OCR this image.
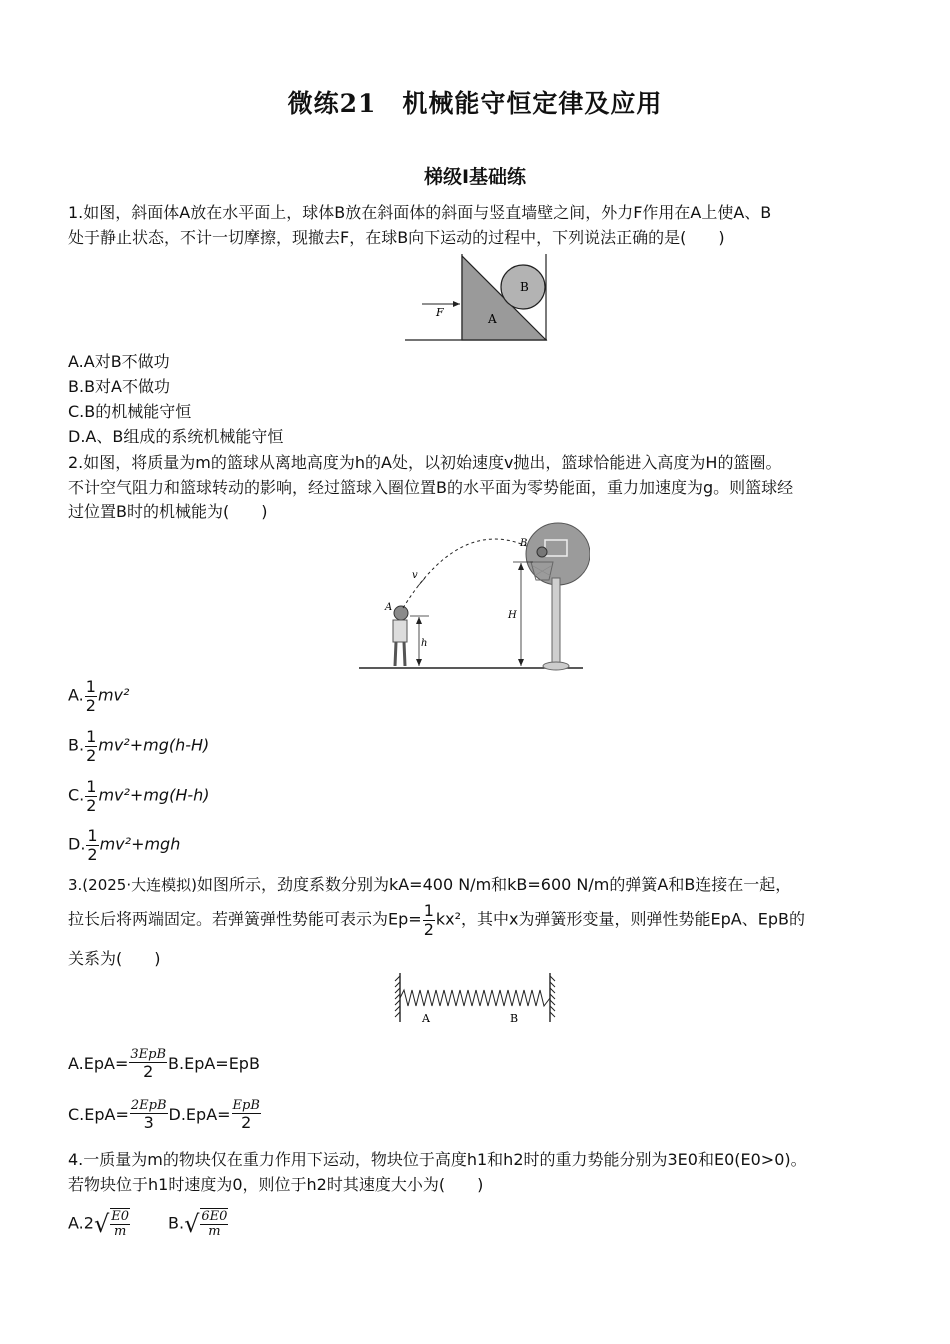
微练21　机械能守恒定律及应用
梯级Ⅰ基础练
1.如图，斜面体A放在水平面上，球体B放在斜面体的斜面与竖直墙壁之间，外力F作用在A上使A、B
处于静止状态，不计一切摩擦，现撤去F，在球B向下运动的过程中，下列说法正确的是(　　)
B
A
F
A.A对B不做功
B.B对A不做功
C.B的机械能守恒
D.A、B组成的系统机械能守恒
2.如图，将质量为m的篮球从离地高度为h的A处，以初始速度v抛出，篮球恰能进入高度为H的篮圈。
不计空气阻力和篮球转动的影响，经过篮球入圈位置B的水平面为零势能面，重力加速度为g。则篮球经
过位置B时的机械能为(　　)
A
B
v
h
H
A. $\frac{1}{2} mv^2$
B. $\frac{1}{2} mv^2+mg(h-H)$
C. $\frac{1}{2} mv^2+mg(H-h)$
D. $\frac{1}{2} mv^2+mgh$
3.(2025·大连模拟)如图所示，劲度系数分别为kA=400 N/m和kB=600 N/m的弹簧A和B连接在一起，
拉长后将两端固定。若弹簧弹性势能可表示为$Ep= \frac{1}{2} kx^2$，其中x为弹簧形变量，则弹性势能EpA、EpB的
关系为(　　)
A	B
$A.EpA= \frac{\text{3EpB}}{2} B.EpA=EpB$
$C.EpA= \frac{\text{2EpB}}{3} D.EpA= \frac{\text{EpB}}{2}$
4.一质量为m的物块仅在重力作用下运动，物块位于高度h1和h2时的重力势能分别为3E0和E0(E0>0)。
若物块位于h1时速度为0，则位于h2时其速度大小为(　　)
$A.2√ \frac{E0}{m} B.√ \frac{6E0}{m}$
